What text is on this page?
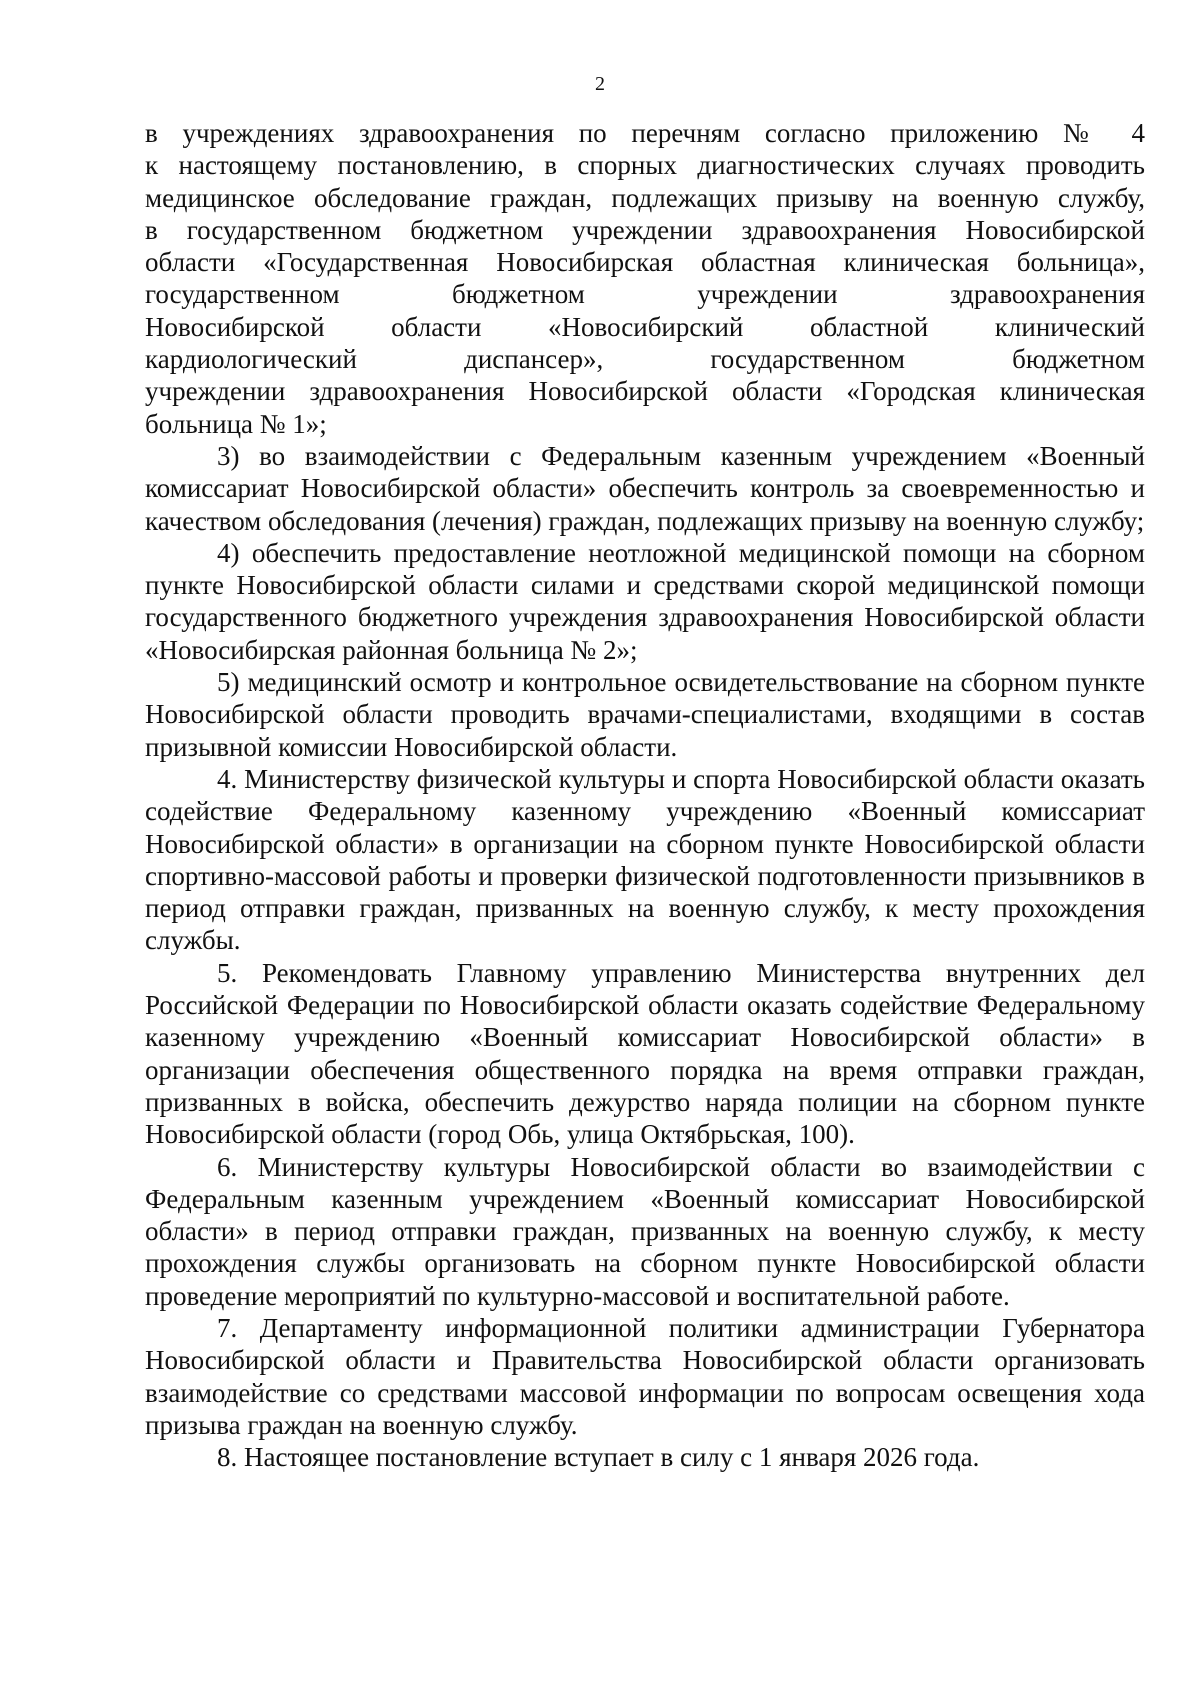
2

в учреждениях здравоохранения по перечням согласно приложению № 4
к настоящему постановлению, в спорных диагностических случаях проводить
медицинское обследование граждан, подлежащих призыву на военную службу,
в государственном бюджетном учреждении здравоохранения Новосибирской
области «Государственная Новосибирская областная клиническая больница»,
государственном бюджетном учреждении здравоохранения
Новосибирской области «Новосибирский областной клинический
кардиологический диспансер», государственном бюджетном
учреждении здравоохранения Новосибирской области «Городская клиническая
больница № 1»;

3) во взаимодействии с Федеральным казенным учреждением «Военный комиссариат Новосибирской области» обеспечить контроль за своевременностью и качеством обследования (лечения) граждан, подлежащих призыву на военную службу;

4) обеспечить предоставление неотложной медицинской помощи на сборном пункте Новосибирской области силами и средствами скорой медицинской помощи государственного бюджетного учреждения здравоохранения Новосибирской области «Новосибирская районная больница № 2»;

5) медицинский осмотр и контрольное освидетельствование на сборном пункте Новосибирской области проводить врачами-специалистами, входящими в состав призывной комиссии Новосибирской области.

4. Министерству физической культуры и спорта Новосибирской области оказать содействие Федеральному казенному учреждению «Военный комиссариат Новосибирской области» в организации на сборном пункте Новосибирской области спортивно-массовой работы и проверки физической подготовленности призывников в период отправки граждан, призванных на военную службу, к месту прохождения службы.

5. Рекомендовать Главному управлению Министерства внутренних дел Российской Федерации по Новосибирской области оказать содействие Федеральному казенному учреждению «Военный комиссариат Новосибирской области» в организации обеспечения общественного порядка на время отправки граждан, призванных в войска, обеспечить дежурство наряда полиции на сборном пункте Новосибирской области (город Обь, улица Октябрьская, 100).

6. Министерству культуры Новосибирской области во взаимодействии с Федеральным казенным учреждением «Военный комиссариат Новосибирской области» в период отправки граждан, призванных на военную службу, к месту прохождения службы организовать на сборном пункте Новосибирской области проведение мероприятий по культурно-массовой и воспитательной работе.

7. Департаменту информационной политики администрации Губернатора Новосибирской области и Правительства Новосибирской области организовать взаимодействие со средствами массовой информации по вопросам освещения хода призыва граждан на военную службу.

8. Настоящее постановление вступает в силу с 1 января 2026 года.
